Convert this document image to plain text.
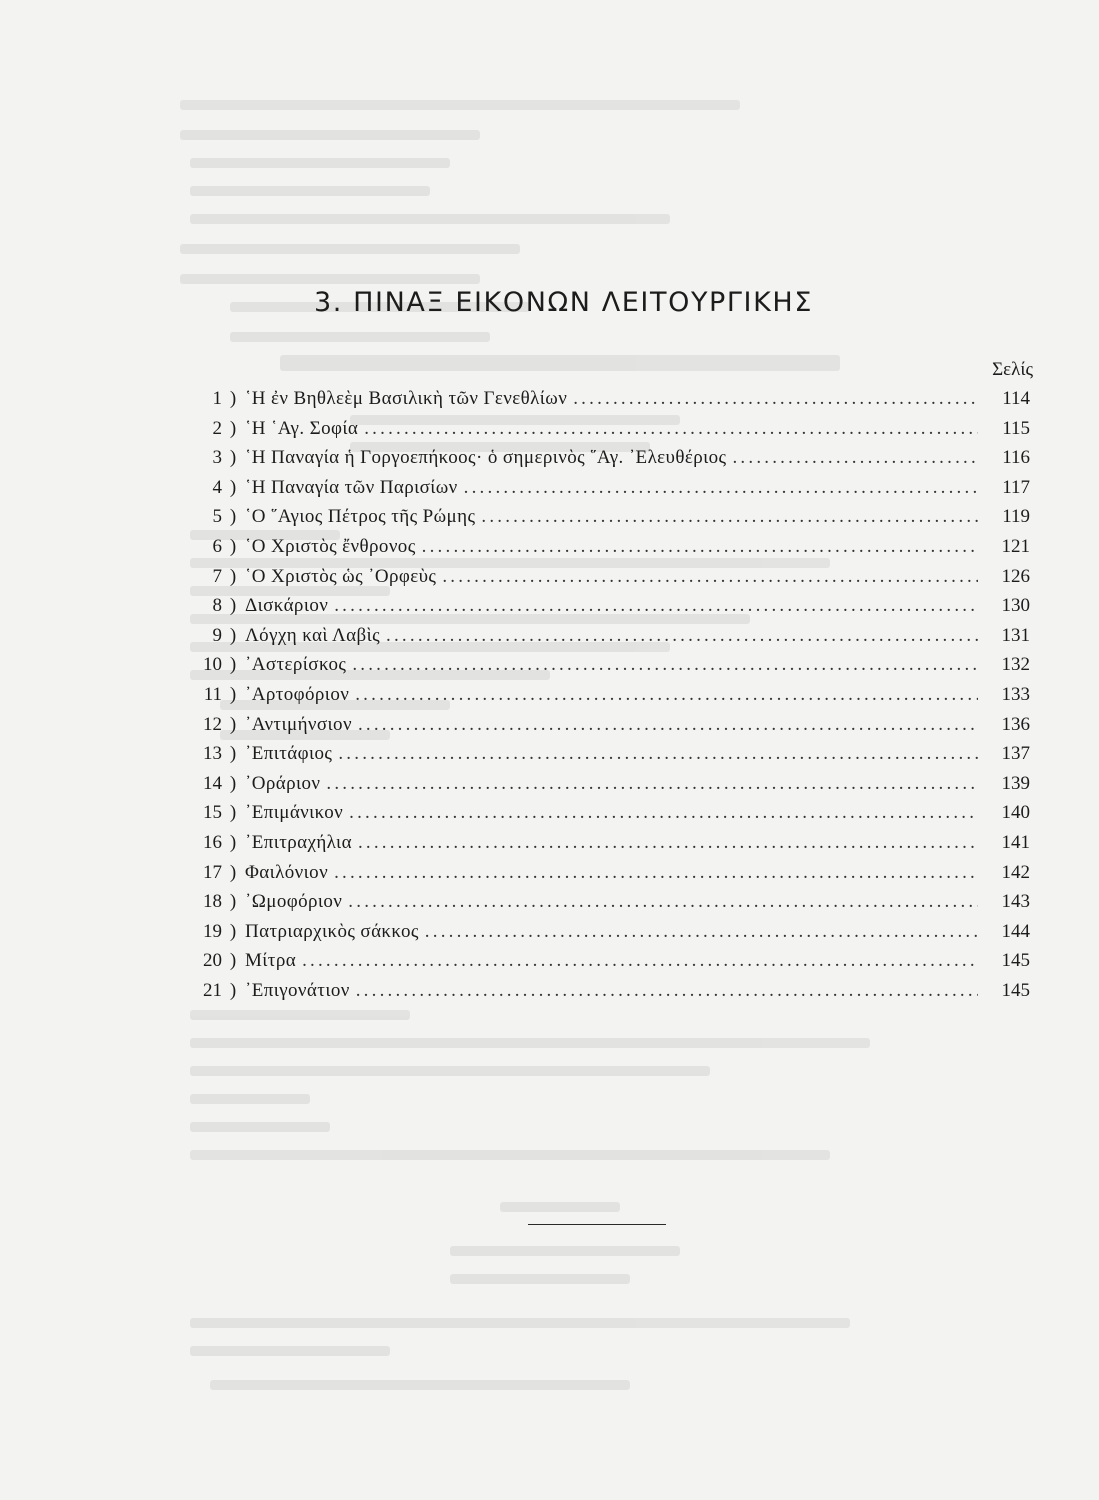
3. ΠΙΝΑΞ ΕΙΚΟΝΩΝ ΛΕΙΤΟΥΡΓΙΚΗΣ
Σελίς
1 ) ῾Η ἐν Βηθλεὲμ Βασιλικὴ τῶν Γενεθλίων .....	114
2 ) ῾Η ῾Αγ. Σοφία .....	115
3 ) ῾Η Παναγία ἡ Γοργοεπήκοος· ὁ σημερινὸς ῞Αγ. ᾿Ελευθέριος .....	116
4 ) ῾Η Παναγία τῶν Παρισίων .....	117
5 ) ῾Ο ῞Αγιος Πέτρος τῆς Ρώμης .....	119
6 ) ῾Ο Χριστὸς ἔνθρονος .....	121
7 ) ῾Ο Χριστὸς ὡς ᾿Ορφεὺς .....	126
8 ) Δισκάριον .....	130
9 ) Λόγχη καὶ Λαβὶς .....	131
10 ) ᾿Αστερίσκος .....	132
11 ) ᾿Αρτοφόριον .....	133
12 ) ᾿Αντιμήνσιον .....	136
13 ) ᾿Επιτάφιος .....	137
14 ) ᾿Οράριον .....	139
15 ) ᾿Επιμάνικον .....	140
16 ) ᾿Επιτραχήλια .....	141
17 ) Φαιλόνιον .....	142
18 ) ᾿Ωμοφόριον .....	143
19 ) Πατριαρχικὸς σάκκος .....	144
20 ) Μίτρα .....	145
21 ) ᾿Επιγονάτιον .....	145
